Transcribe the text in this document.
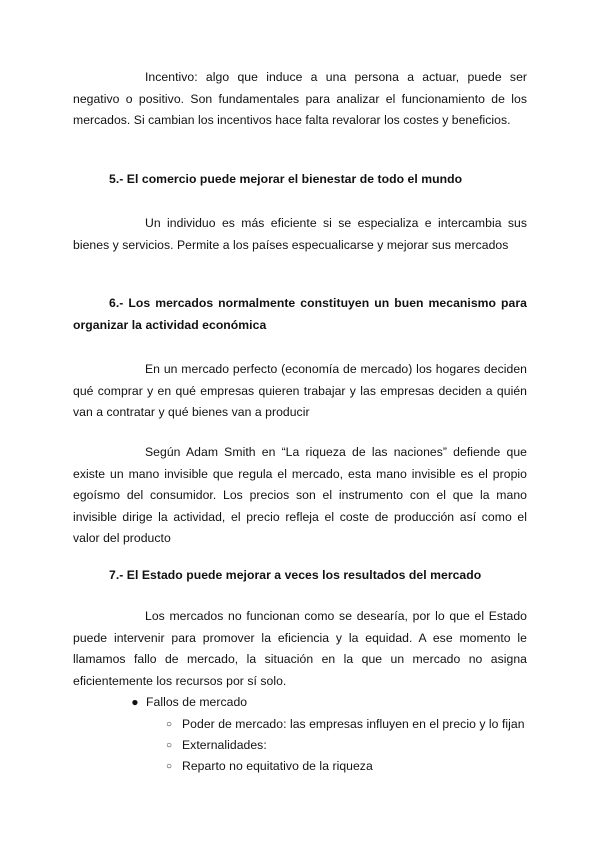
Incentivo: algo que induce a una persona a actuar, puede ser negativo o positivo. Son fundamentales para analizar el funcionamiento de los mercados. Si cambian los incentivos hace falta revalorar los costes y beneficios.

5.- El comercio puede mejorar el bienestar de todo el mundo

Un individuo es más eficiente si se especializa e intercambia sus bienes y servicios. Permite a los países especualicarse y mejorar sus mercados

6.- Los mercados normalmente constituyen un buen mecanismo para organizar la actividad económica

En un mercado perfecto (economía de mercado) los hogares deciden qué comprar y en qué empresas quieren trabajar y las empresas deciden a quién van a contratar y qué bienes van a producir

Según Adam Smith en “La riqueza de las naciones” defiende que existe un mano invisible que regula el mercado, esta mano invisible es el propio egoísmo del consumidor. Los precios son el instrumento con el que la mano invisible dirige la actividad, el precio refleja el coste de producción así como el valor del producto

7.- El Estado puede mejorar a veces los resultados del mercado

Los mercados no funcionan como se desearía, por lo que el Estado puede intervenir para promover la eficiencia y la equidad. A ese momento le llamamos fallo de mercado, la situación en la que un mercado no asigna eficientemente los recursos por sí solo.

● Fallos de mercado
○ Poder de mercado: las empresas influyen en el precio y lo fijan
○ Externalidades:
○ Reparto no equitativo de la riqueza
